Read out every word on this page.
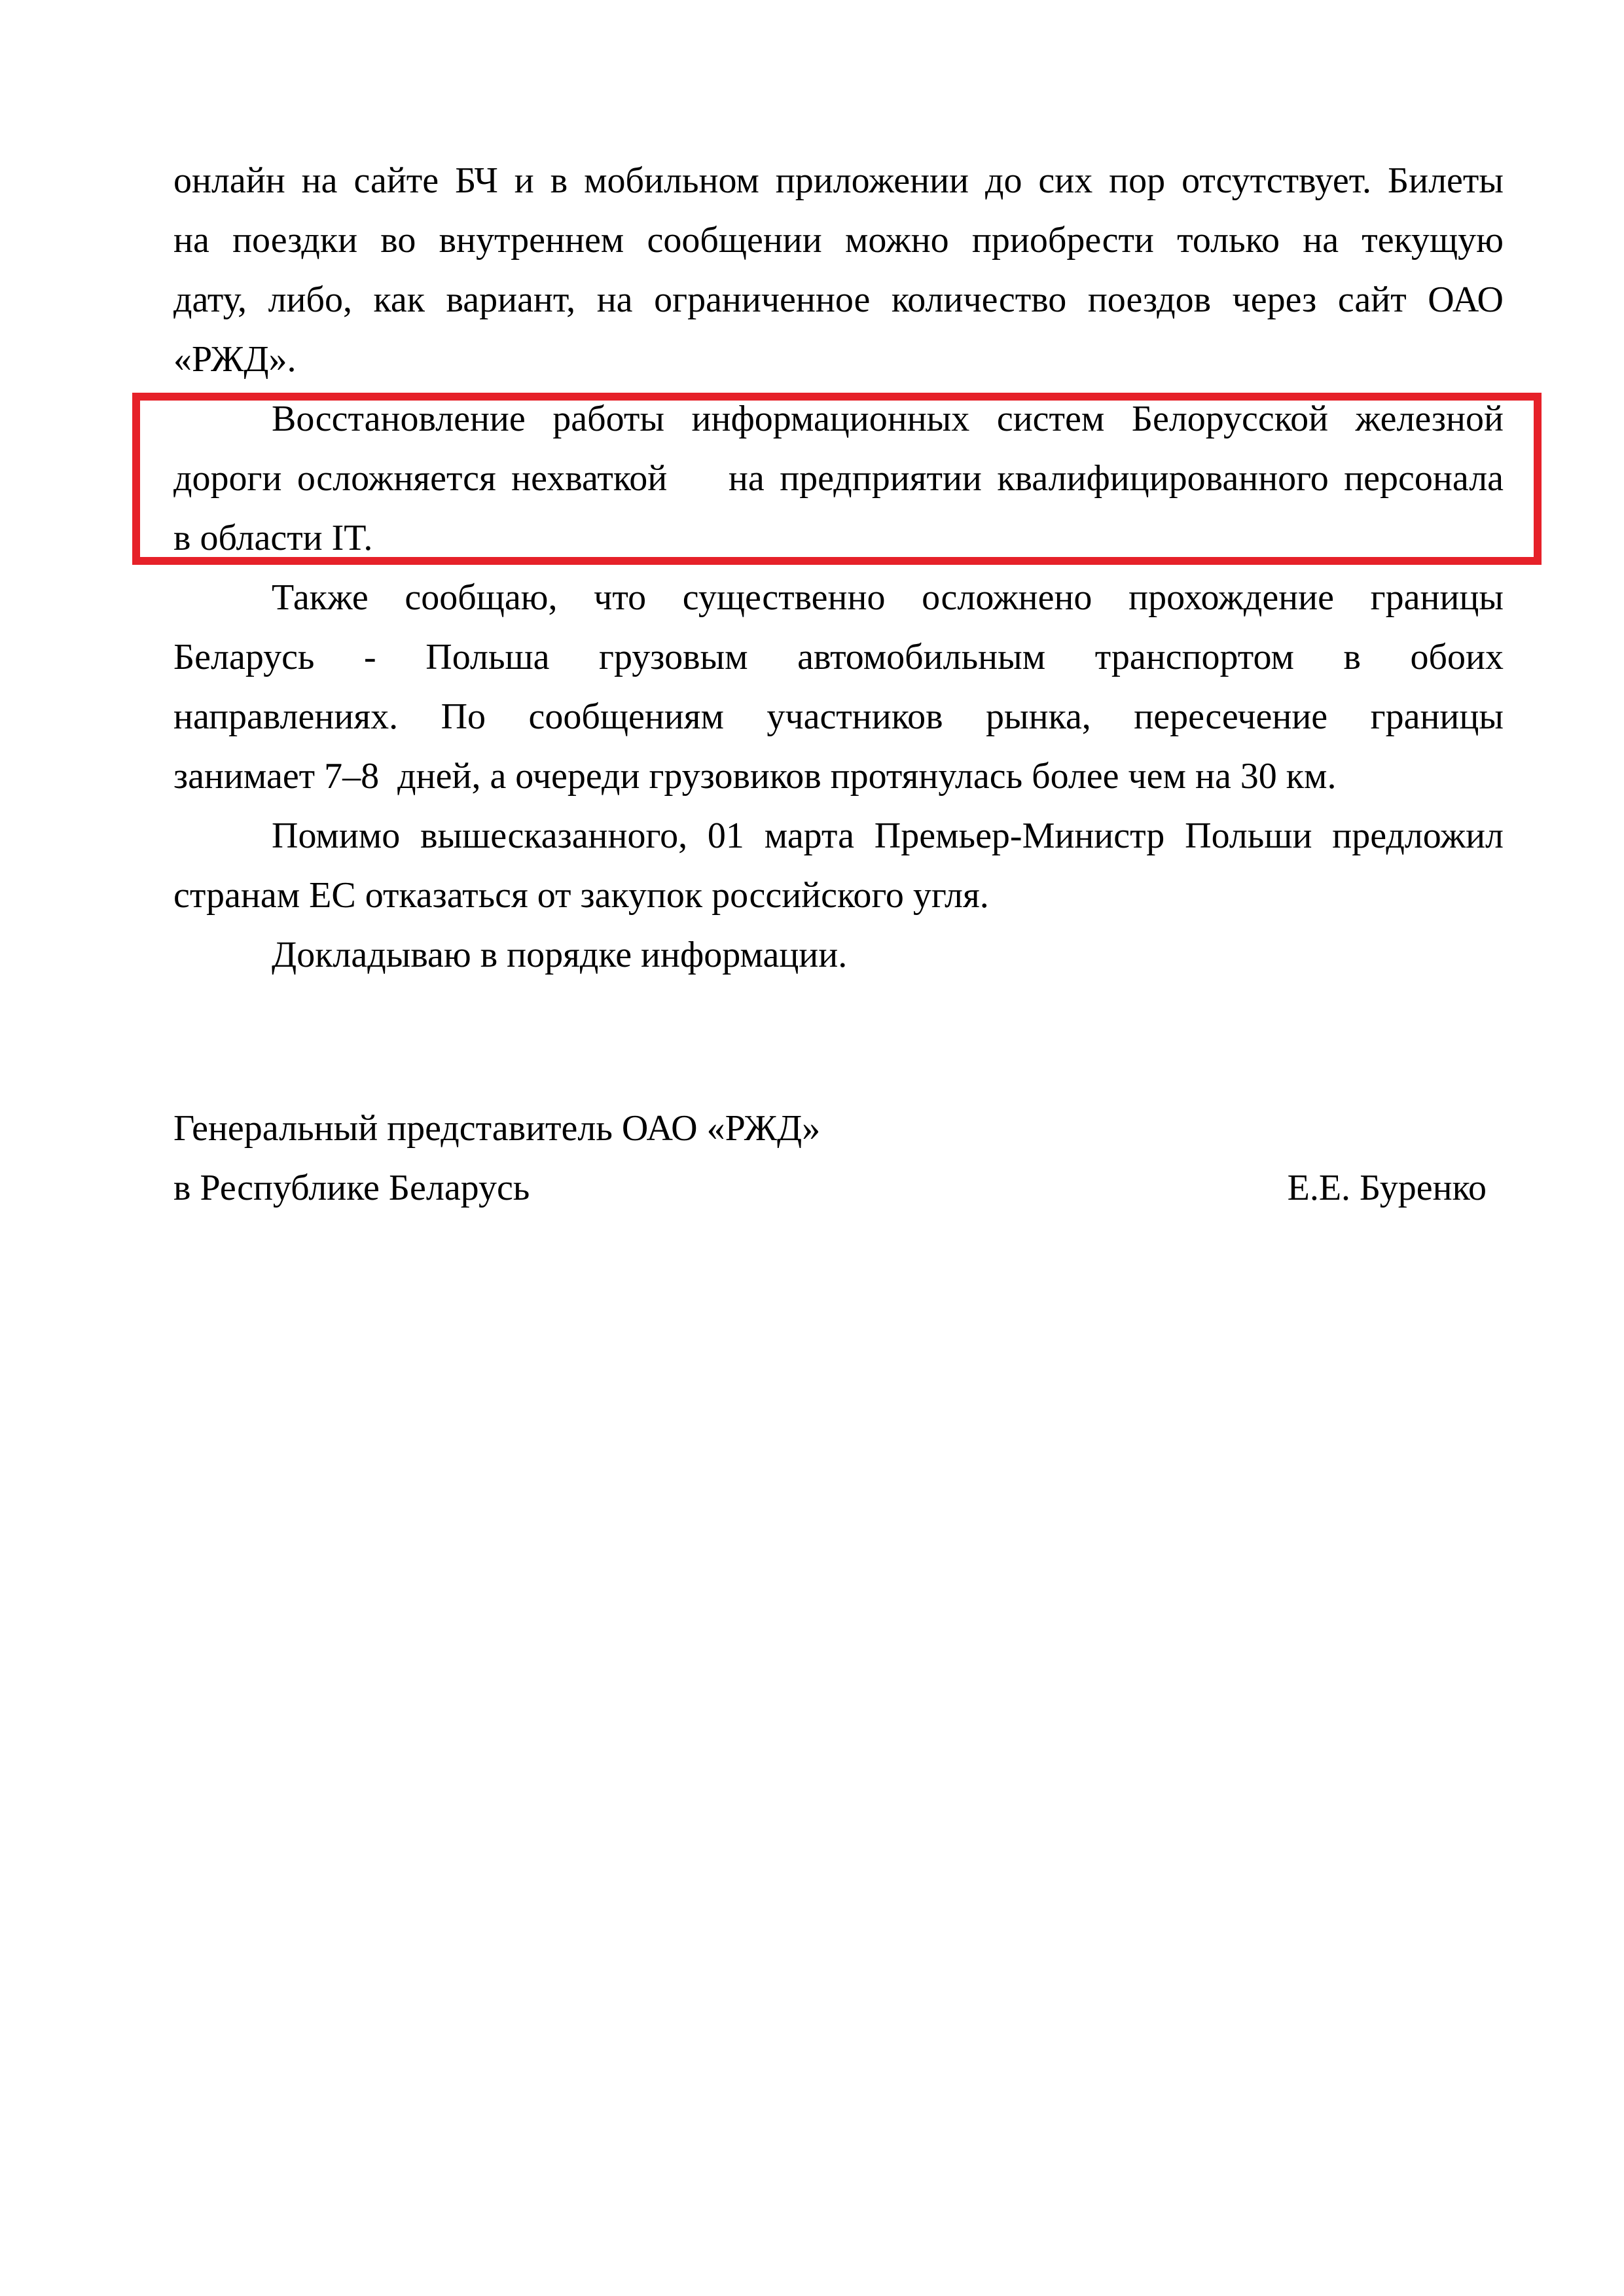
онлайн на сайте БЧ и в мобильном приложении до сих пор отсутствует. Билеты
на поездки во внутреннем сообщении можно приобрести только на текущую
дату, либо, как вариант, на ограниченное количество поездов через сайт ОАО
«РЖД».
Восстановление работы информационных систем Белорусской железной
дороги осложняется нехваткой    на предприятии квалифицированного персонала
в области IT.
Также сообщаю, что существенно осложнено прохождение границы
Беларусь - Польша грузовым автомобильным транспортом в обоих
направлениях. По сообщениям участников рынка, пересечение границы
занимает 7–8  дней, а очереди грузовиков протянулась более чем на 30 км.
Помимо вышесказанного, 01 марта Премьер-Министр Польши предложил
странам ЕС отказаться от закупок российского угля.
Докладываю в порядке информации.
Генеральный представитель ОАО «РЖД»
в Республике Беларусь	Е.Е. Буренко
